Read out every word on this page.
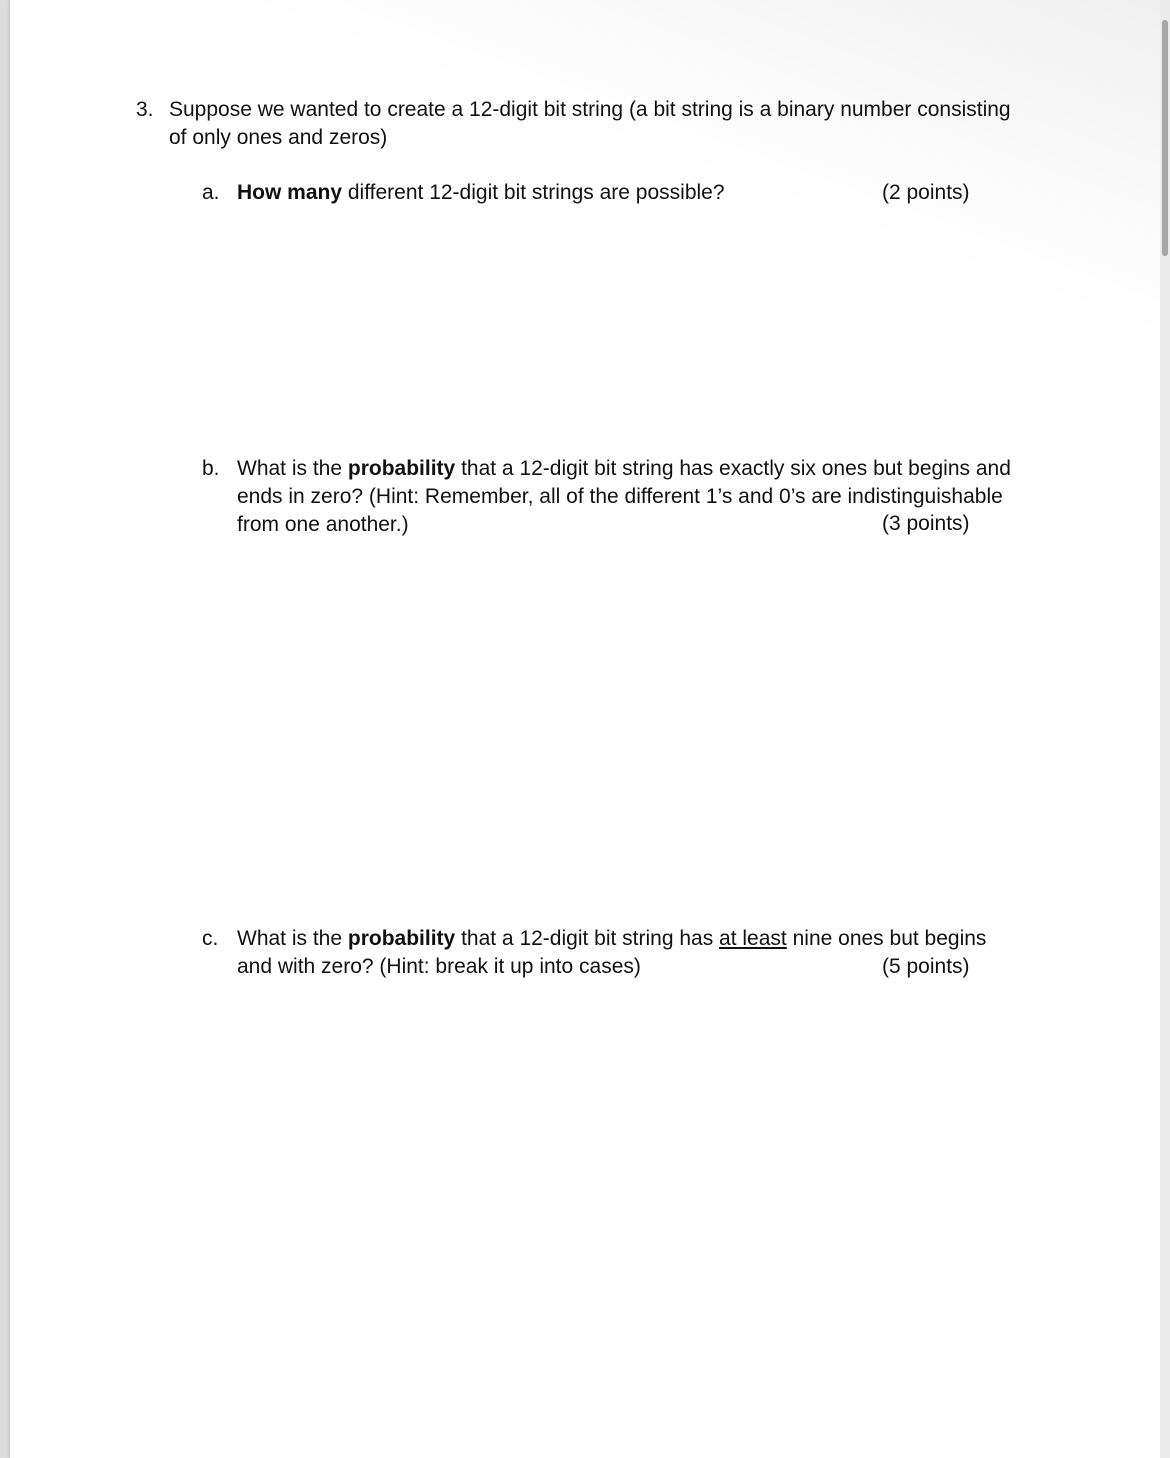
3. Suppose we wanted to create a 12-digit bit string (a bit string is a binary number consisting
of only ones and zeros)
a. How many different 12-digit bit strings are possible?	(2 points)
b. What is the probability that a 12-digit bit string has exactly six ones but begins and
ends in zero? (Hint: Remember, all of the different 1’s and 0’s are indistinguishable
from one another.)	(3 points)
c. What is the probability that a 12-digit bit string has at least nine ones but begins
and with zero? (Hint: break it up into cases)	(5 points)
